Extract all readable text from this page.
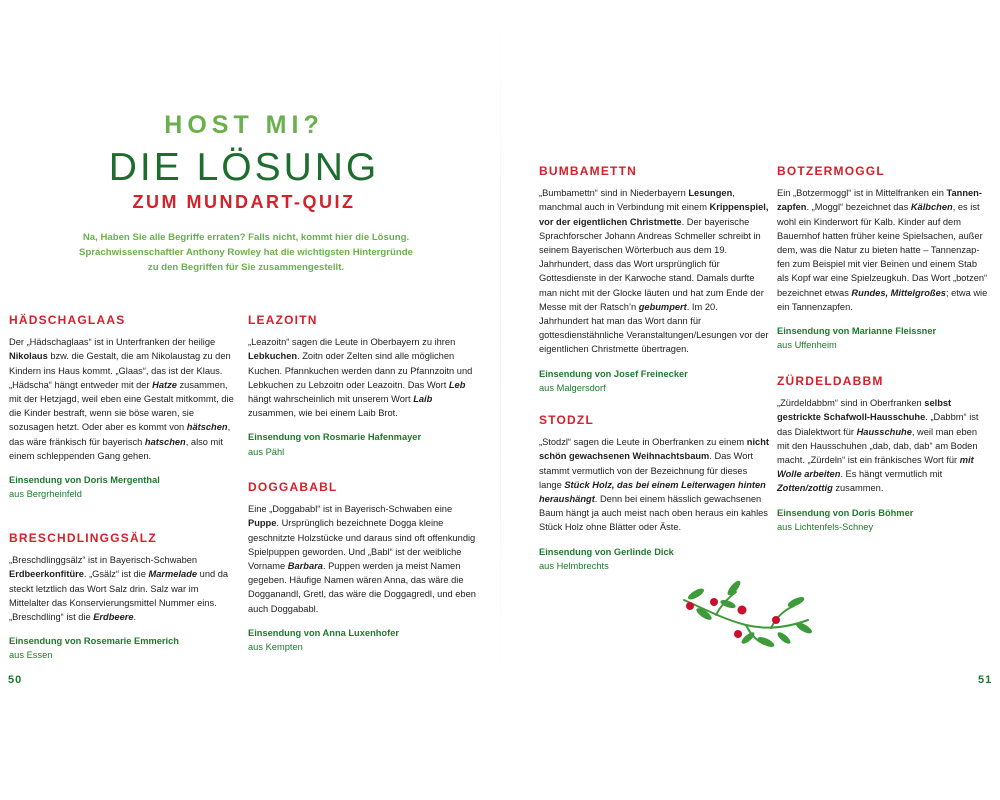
HOST MI?
DIE LÖSUNG
ZUM MUNDART-QUIZ
Na, Haben Sie alle Begriffe erraten? Falls nicht, kommt hier die Lösung.
Sprachwissenschaftler Anthony Rowley hat die wichtigsten Hintergründe
zu den Begriffen für Sie zusammengestellt.
HÄDSCHAGLAAS

Der „Hädschaglaas“ ist in Unterfranken der heilige Nikolaus bzw. die Gestalt, die am Nikolaustag zu den Kindern ins Haus kommt. „Glaas“, das ist der Klaus. „Hädscha“ hängt entweder mit der Hatze zusammen, mit der Hetzjagd, weil eben eine Gestalt mitkommt, die die Kinder bestraft, wenn sie böse waren, sie sozusagen hetzt. Oder aber es kommt von hätschen, das wäre fränkisch für bayerisch hatschen, also mit einem schleppenden Gang gehen.

Einsendung von Doris Mergenthal
aus Bergrheinfeld
BRESCHDLINGGSÄLZ

„Breschdlinggsälz“ ist in Bayerisch-Schwaben Erdbeerkonfitüre. „Gsälz“ ist die Marmelade und da steckt letztlich das Wort Salz drin. Salz war im Mittelalter das Konservierungsmittel Nummer eins. „Breschdling“ ist die Erdbeere.

Einsendung von Rosemarie Emmerich
aus Essen
LEAZOITN

„Leazoitn“ sagen die Leute in Oberbayern zu ihren Lebkuchen. Zoitn oder Zelten sind alle möglichen Kuchen. Pfannkuchen werden dann zu Pfannzoitn und Lebkuchen zu Lebzoitn oder Leazoitn. Das Wort Leb hängt wahrscheinlich mit unserem Wort Laib zusammen, wie bei einem Laib Brot.

Einsendung von Rosmarie Hafenmayer
aus Pähl
DOGGABABL

Eine „Doggababl“ ist in Bayerisch-Schwaben eine Puppe. Ursprünglich bezeichnete Dogga kleine geschnitzte Holzstücke und daraus sind oft offenkundig Spielpuppen geworden. Und „Babl“ ist der weibliche Vorname Barbara. Puppen werden ja meist Namen gegeben. Häufige Namen wären Anna, das wäre die Dogganandl, Gretl, das wäre die Doggagredl, und eben auch Doggababl.

Einsendung von Anna Luxenhofer
aus Kempten
BUMBAMETTN

„Bumbamettn“ sind in Niederbayern Lesungen, manchmal auch in Verbindung mit einem Krippenspiel, vor der eigentlichen Christmette. Der bayerische Sprachforscher Johann Andreas Schmeller schreibt in seinem Bayerischen Wörterbuch aus dem 19. Jahrhundert, dass das Wort ursprünglich für Gottesdienste in der Karwoche stand. Damals durfte man nicht mit der Glocke läuten und hat zum Ende der Messe mit der Ratsch’n gebumpert. Im 20. Jahrhundert hat man das Wort dann für gottesdienstähnliche Veranstaltungen/Lesungen vor der eigentlichen Christmette übertragen.

Einsendung von Josef Freinecker
aus Malgersdorf
STODZL

„Stodzl“ sagen die Leute in Oberfranken zu einem nicht schön gewachsenen Weihnachtsbaum. Das Wort stammt vermutlich von der Bezeichnung für dieses lange Stück Holz, das bei einem Leiterwagen hinten heraushängt. Denn bei einem hässlich gewachsenen Baum hängt ja auch meist nach oben heraus ein kahles Stück Holz ohne Blätter oder Äste.

Einsendung von Gerlinde Dick
aus Helmbrechts
BOTZERMOGGL

Ein „Botzermoggl“ ist in Mittelfranken ein Tannenzapfen. „Moggl“ bezeichnet das Kälbchen, es ist wohl ein Kinderwort für Kalb. Kinder auf dem Bauernhof hatten früher keine Spielsachen, außer dem, was die Natur zu bieten hatte – Tannenzapfen zum Beispiel mit vier Beinen und einem Stab als Kopf war eine Spielzeugkuh. Das Wort „botzen“ bezeichnet etwas Rundes, Mittelgroßes; etwa wie ein Tannenzapfen.

Einsendung von Marianne Fleissner
aus Uffenheim
ZÜRDELDABBM

„Zürdeldabbm“ sind in Oberfranken selbst gestrickte Schafwoll-Hausschuhe. „Dabbm“ ist das Dialektwort für Hausschuhe, weil man eben mit den Hausschuhen „dab, dab, dab“ am Boden macht. „Zürdeln“ ist ein fränkisches Wort für mit Wolle arbeiten. Es hängt vermutlich mit Zotten/zottig zusammen.

Einsendung von Doris Böhmer
aus Lichtenfels-Schney
50	51
